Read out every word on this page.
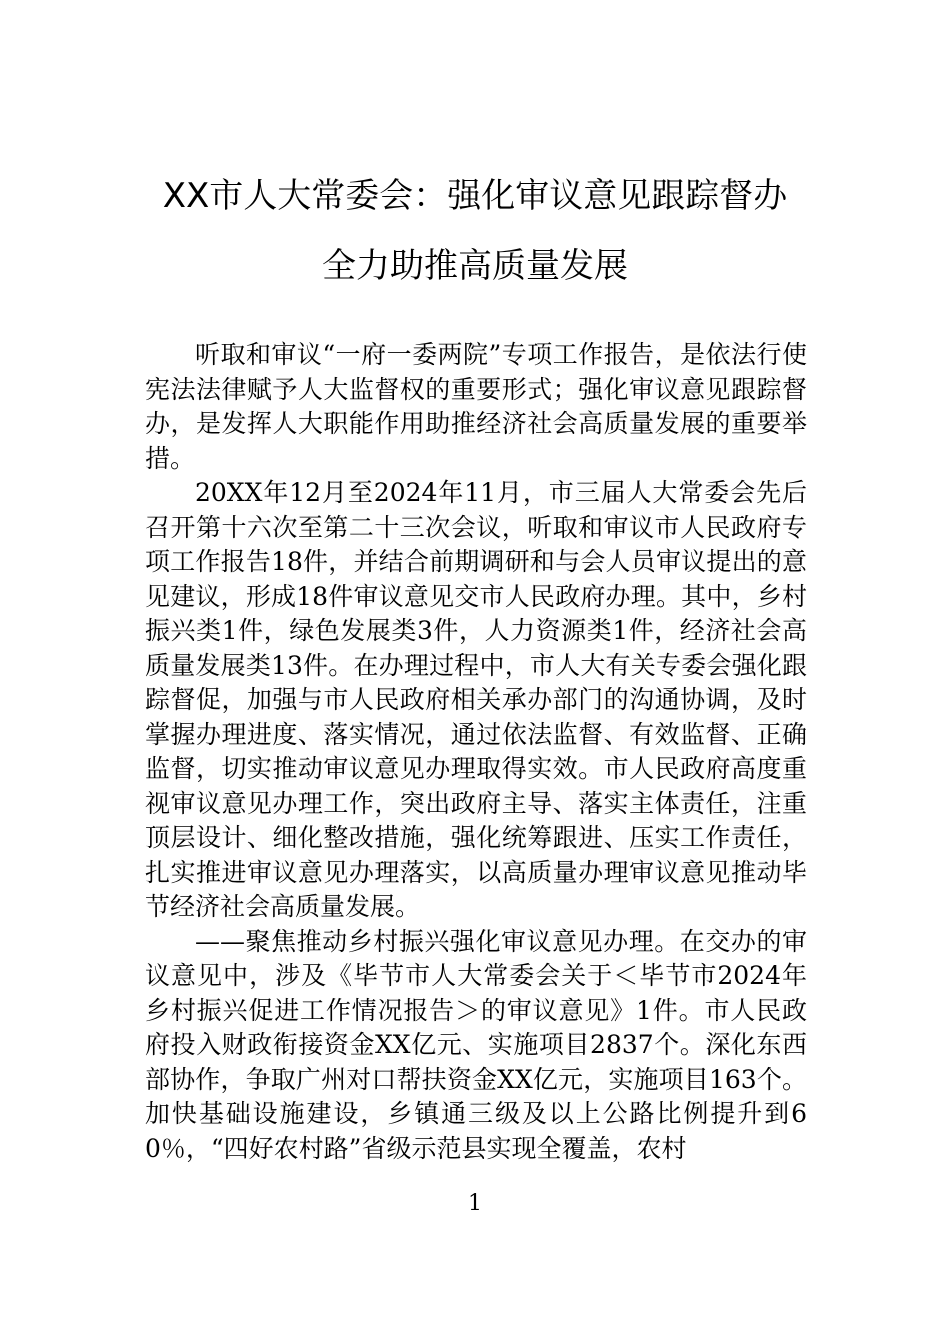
XX市人大常委会：强化审议意见跟踪督办
全力助推高质量发展

听取和审议“一府一委两院”专项工作报告，是依法行使宪法法律赋予人大监督权的重要形式；强化审议意见跟踪督办，是发挥人大职能作用助推经济社会高质量发展的重要举措。

20XX年12月至2024年11月，市三届人大常委会先后召开第十六次至第二十三次会议，听取和审议市人民政府专项工作报告18件，并结合前期调研和与会人员审议提出的意见建议，形成18件审议意见交市人民政府办理。其中，乡村振兴类1件，绿色发展类3件，人力资源类1件，经济社会高质量发展类13件。在办理过程中，市人大有关专委会强化跟踪督促，加强与市人民政府相关承办部门的沟通协调，及时掌握办理进度、落实情况，通过依法监督、有效监督、正确监督，切实推动审议意见办理取得实效。市人民政府高度重视审议意见办理工作，突出政府主导、落实主体责任，注重顶层设计、细化整改措施，强化统筹跟进、压实工作责任，扎实推进审议意见办理落实，以高质量办理审议意见推动毕节经济社会高质量发展。

——聚焦推动乡村振兴强化审议意见办理。在交办的审议意见中，涉及《毕节市人大常委会关于＜毕节市2024年乡村振兴促进工作情况报告＞的审议意见》1件。市人民政府投入财政衔接资金XX亿元、实施项目2837个。深化东西部协作，争取广州对口帮扶资金XX亿元，实施项目163个。加快基础设施建设，乡镇通三级及以上公路比例提升到60％，“四好农村路”省级示范县实现全覆盖，农村

1
